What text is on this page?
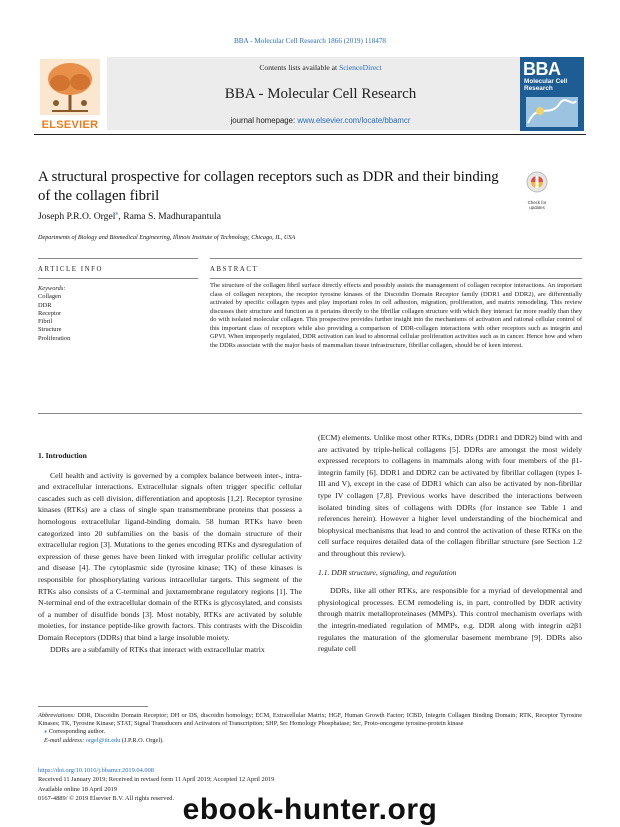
BBA - Molecular Cell Research 1866 (2019) 118478
Contents lists available at ScienceDirect
BBA - Molecular Cell Research
journal homepage: www.elsevier.com/locate/bbamcr
ELSEVIER
BBA
Molecular Cell Research
A structural prospective for collagen receptors such as DDR and their binding of the collagen fibril	Check for
updates
Joseph P.R.O. Orgel⁎, Rama S. Madhurapantula
Departments of Biology and Biomedical Engineering, Illinois Institute of Technology, Chicago, IL, USA
ARTICLE INFO	ABSTRACT
Keywords:
Collagen
DDR
Receptor
Fibril
Structure
Proliferation
The structure of the collagen fibril surface directly effects and possibly assists the management of collagen receptor interactions. An important class of collagen receptors, the receptor tyrosine kinases of the Discoidin Domain Receptor family (DDR1 and DDR2), are differentially activated by specific collagen types and play important roles in cell adhesion, migration, proliferation, and matrix remodeling. This review discusses their structure and function as it pertains directly to the fibrillar collagen structure with which they interact far more readily than they do with isolated molecular collagen. This prospective provides further insight into the mechanisms of activation and rational cellular control of this important class of receptors while also providing a comparison of DDR-collagen interactions with other receptors such as integrin and GPVI. When improperly regulated, DDR activation can lead to abnormal cellular proliferation activities such as in cancer. Hence how and when the DDRs associate with the major basis of mammalian tissue infrastructure, fibrillar collagen, should be of keen interest.

1. Introduction

Cell health and activity is governed by a complex balance between inter-, intra- and extracellular interactions. Extracellular signals often trigger specific cellular cascades such as cell division, differentiation and apoptosis [1,2]. Receptor tyrosine kinases (RTKs) are a class of single span transmembrane proteins that possess a homologous extracellular ligand-binding domain. 58 human RTKs have been categorized into 20 subfamilies on the basis of the domain structure of their extracellular region [3]. Mutations to the genes encoding RTKs and dysregulation of expression of these genes have been linked with irregular prolific cellular activity and disease [4]. The cytoplasmic side (tyrosine kinase; TK) of these kinases is responsible for phosphorylating various intracellular targets. This segment of the RTKs also consists of a C-terminal and juxtamembrane regulatory regions [1]. The N-terminal end of the extracellular domain of the RTKs is glycosylated, and consists of a number of disulfide bonds [3]. Most notably, RTKs are activated by soluble moieties, for instance peptide-like growth factors. This contrasts with the Discoidin Domain Receptors (DDRs) that bind a large insoluble moiety.

DDRs are a subfamily of RTKs that interact with extracellular matrix

(ECM) elements. Unlike most other RTKs, DDRs (DDR1 and DDR2) bind with and are activated by triple-helical collagens [5]. DDRs are amongst the most widely expressed receptors to collagens in mammals along with four members of the β1-integrin family [6]. DDR1 and DDR2 can be activated by fibrillar collagen (types I-III and V), except in the case of DDR1 which can also be activated by non-fibrillar type IV collagen [7,8]. Previous works have described the interactions between isolated binding sites of collagens with DDRs (for instance see Table 1 and references herein). However a higher level understanding of the biochemical and biophysical mechanisms that lead to and control the activation of these RTKs on the cell surface requires detailed data of the collagen fibrillar structure (see Section 1.2 and throughout this review).

1.1. DDR structure, signaling, and regulation

DDRs, like all other RTKs, are responsible for a myriad of developmental and physiological processes. ECM remodeling is, in part, controlled by DDR activity through matrix metalloproteinases (MMPs). This control mechanism overlaps with the integrin-mediated regulation of MMPs, e.g. DDR along with integrin α2β1 regulates the maturation of the glomerular basement membrane [9]. DDRs also regulate cell

Abbreviations: DDR, Discoidin Domain Receptor; DH or DS, discoidin homology; ECM, Extracellular Matrix; HGF, Human Growth Factor; ICBD, Integrin Collagen Binding Domain; RTK, Receptor Tyrosine Kinases; TK, Tyrosine Kinase; STAT, Signal Transducers and Activators of Transcription; SHP, Src Homology Phosphatase; Src, Proto-oncogene tyrosine-protein kinase

⁎ Corresponding author.

E-mail address: orgel@iit.edu (J.P.R.O. Orgel).

https://doi.org/10.1016/j.bbamcr.2019.04.008
Received 11 January 2019; Received in revised form 11 April 2019; Accepted 12 April 2019
Available online 18 April 2019
0167-4889/ © 2019 Elsevier B.V. All rights reserved. ebook-hunter.org
